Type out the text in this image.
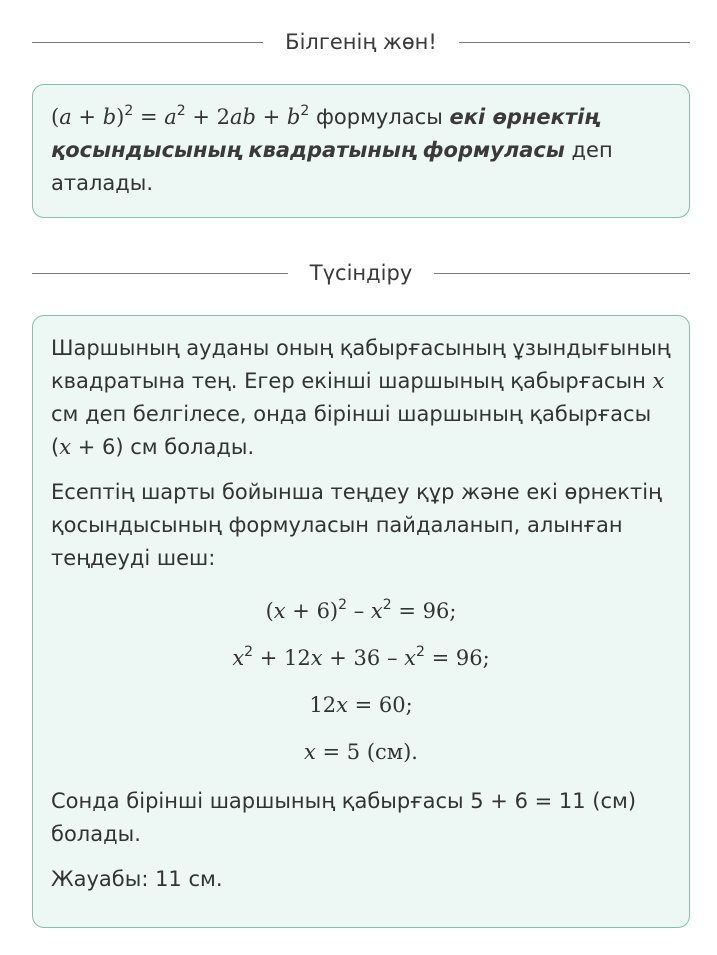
Білгенің жөн!

$(a + b)^2 = a^2 + 2ab + b^2$ формуласы екі өрнектің қосындысының квадратының формуласы деп аталады.

Түсіндіру

Шаршының ауданы оның қабырғасының ұзындығының квадратына тең. Егер екінші шаршының қабырғасын x см деп белгілесе, онда бірінші шаршының қабырғасы (x + 6) см болады.

Есептің шарты бойынша теңдеу құр және екі өрнектің қосындысының формуласын пайдаланып, алынған теңдеуді шеш:

$(x + 6)^2 - x^2 = 96$;

$x^2 + 12x + 36 - x^2 = 96$;

12x = 60;

x = 5 (см).

Сонда бірінші шаршының қабырғасы 5 + 6 = 11 (см) болады.

Жауабы: 11 см.
